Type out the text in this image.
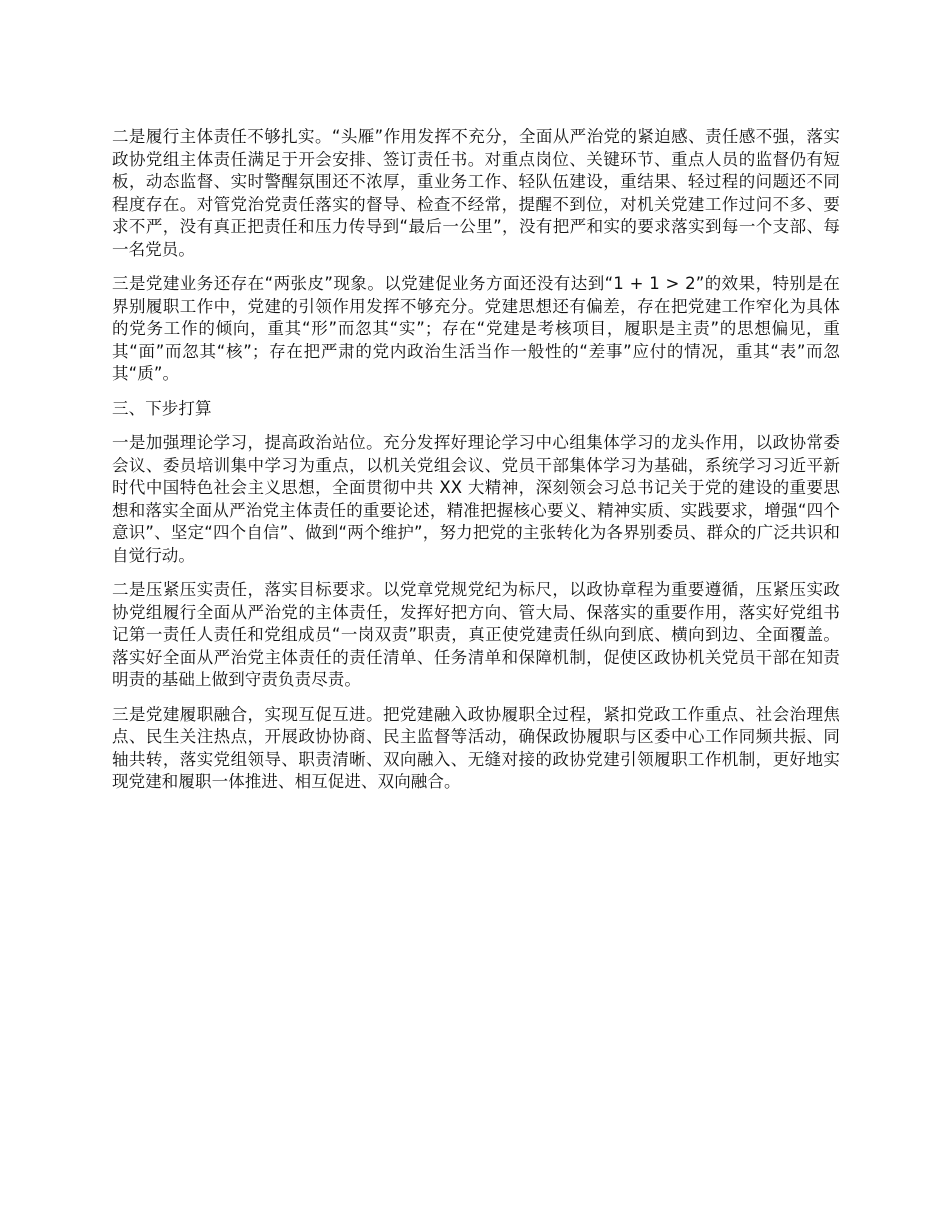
二是履行主体责任不够扎实。“头雁”作用发挥不充分，全面从严治党的紧迫感、责任感不强，落实政协党组主体责任满足于开会安排、签订责任书。对重点岗位、关键环节、重点人员的监督仍有短板，动态监督、实时警醒氛围还不浓厚，重业务工作、轻队伍建设，重结果、轻过程的问题还不同程度存在。对管党治党责任落实的督导、检查不经常，提醒不到位，对机关党建工作过问不多、要求不严，没有真正把责任和压力传导到“最后一公里”，没有把严和实的要求落实到每一个支部、每一名党员。

三是党建业务还存在“两张皮”现象。以党建促业务方面还没有达到“1 + 1 > 2”的效果，特别是在界别履职工作中，党建的引领作用发挥不够充分。党建思想还有偏差，存在把党建工作窄化为具体的党务工作的倾向，重其“形”而忽其“实”；存在“党建是考核项目，履职是主责”的思想偏见，重其“面”而忽其“核”；存在把严肃的党内政治生活当作一般性的“差事”应付的情况，重其“表”而忽其“质”。

三、下步打算

一是加强理论学习，提高政治站位。充分发挥好理论学习中心组集体学习的龙头作用，以政协常委会议、委员培训集中学习为重点，以机关党组会议、党员干部集体学习为基础，系统学习习近平新时代中国特色社会主义思想，全面贯彻中共 XX 大精神，深刻领会习总书记关于党的建设的重要思想和落实全面从严治党主体责任的重要论述，精准把握核心要义、精神实质、实践要求，增强“四个意识”、坚定“四个自信”、做到“两个维护”，努力把党的主张转化为各界别委员、群众的广泛共识和自觉行动。

二是压紧压实责任，落实目标要求。以党章党规党纪为标尺，以政协章程为重要遵循，压紧压实政协党组履行全面从严治党的主体责任，发挥好把方向、管大局、保落实的重要作用，落实好党组书记第一责任人责任和党组成员“一岗双责”职责，真正使党建责任纵向到底、横向到边、全面覆盖。落实好全面从严治党主体责任的责任清单、任务清单和保障机制，促使区政协机关党员干部在知责明责的基础上做到守责负责尽责。

三是党建履职融合，实现互促互进。把党建融入政协履职全过程，紧扣党政工作重点、社会治理焦点、民生关注热点，开展政协协商、民主监督等活动，确保政协履职与区委中心工作同频共振、同轴共转，落实党组领导、职责清晰、双向融入、无缝对接的政协党建引领履职工作机制，更好地实现党建和履职一体推进、相互促进、双向融合。
